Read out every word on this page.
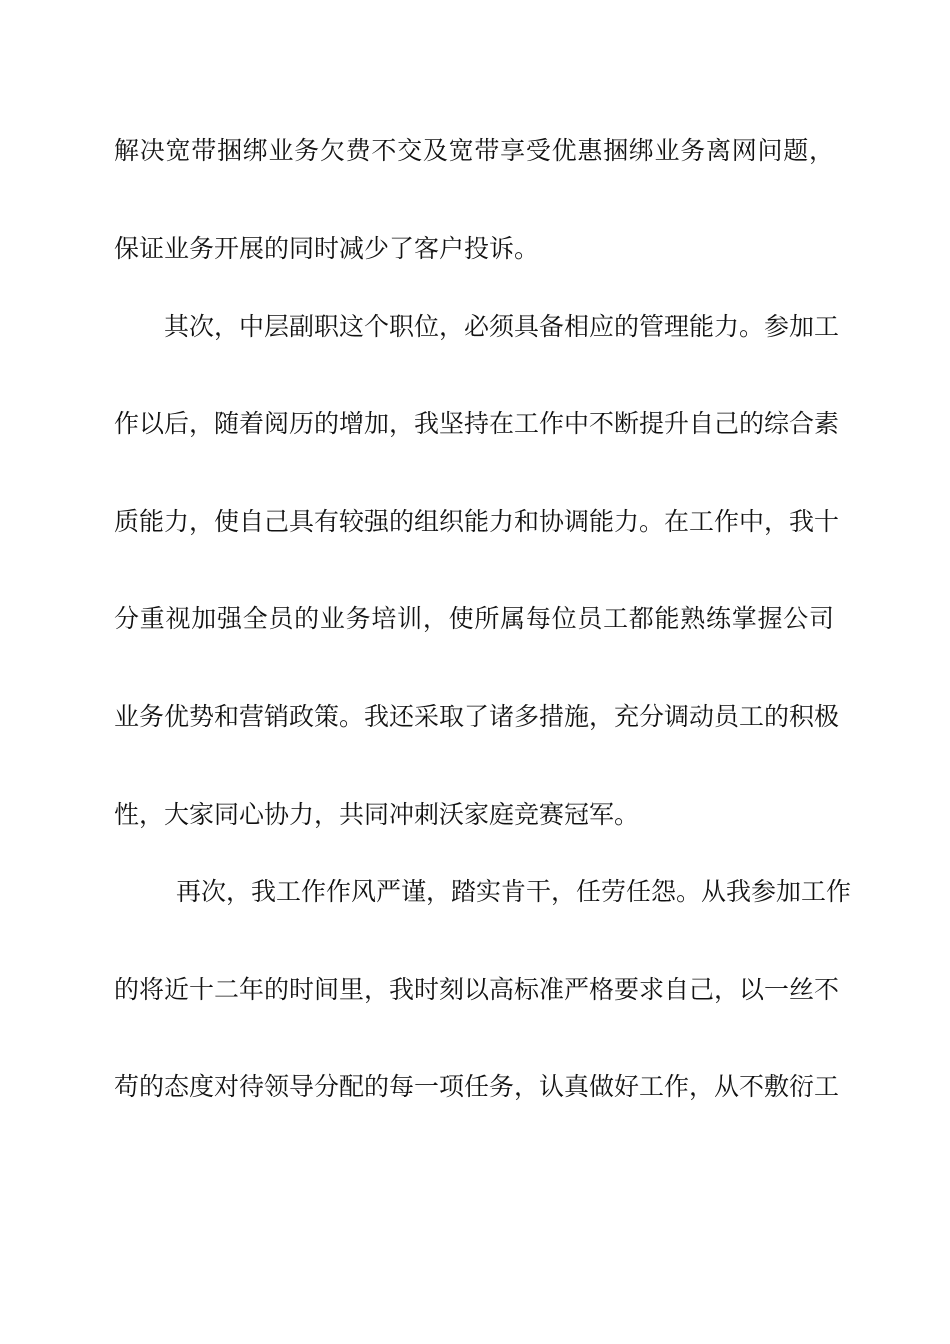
解决宽带捆绑业务欠费不交及宽带享受优惠捆绑业务离网问题，
保证业务开展的同时减少了客户投诉。
其次，中层副职这个职位，必须具备相应的管理能力。参加工
作以后，随着阅历的增加，我坚持在工作中不断提升自己的综合素
质能力，使自己具有较强的组织能力和协调能力。在工作中，我十
分重视加强全员的业务培训，使所属每位员工都能熟练掌握公司
业务优势和营销政策。我还采取了诸多措施，充分调动员工的积极
性，大家同心协力，共同冲刺沃家庭竞赛冠军。
再次，我工作作风严谨，踏实肯干，任劳任怨。从我参加工作
的将近十二年的时间里，我时刻以高标准严格要求自己，以一丝不
苟的态度对待领导分配的每一项任务，认真做好工作，从不敷衍工
